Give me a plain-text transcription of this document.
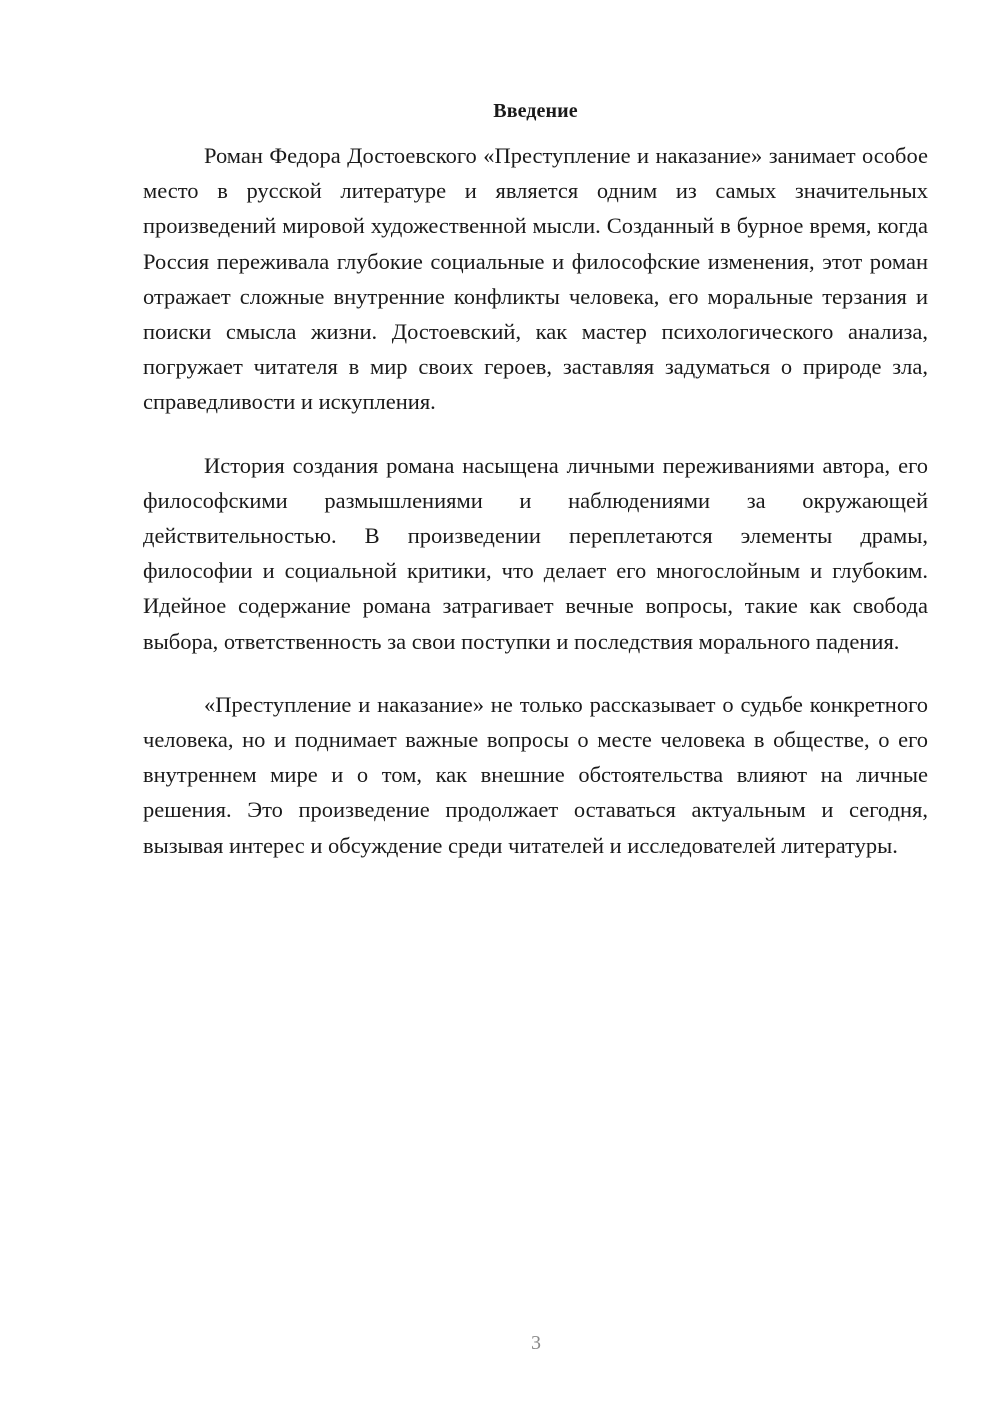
Введение

Роман Федора Достоевского «Преступление и наказание» занимает особое место в русской литературе и является одним из самых значительных произведений мировой художественной мысли. Созданный в бурное время, когда Россия переживала глубокие социальные и философские изменения, этот роман отражает сложные внутренние конфликты человека, его моральные терзания и поиски смысла жизни. Достоевский, как мастер психологического анализа, погружает читателя в мир своих героев, заставляя задуматься о природе зла, справедливости и искупления.

История создания романа насыщена личными переживаниями автора, его философскими размышлениями и наблюдениями за окружающей действительностью. В произведении переплетаются элементы драмы, философии и социальной критики, что делает его многослойным и глубоким. Идейное содержание романа затрагивает вечные вопросы, такие как свобода выбора, ответственность за свои поступки и последствия морального падения.

«Преступление и наказание» не только рассказывает о судьбе конкретного человека, но и поднимает важные вопросы о месте человека в обществе, о его внутреннем мире и о том, как внешние обстоятельства влияют на личные решения. Это произведение продолжает оставаться актуальным и сегодня, вызывая интерес и обсуждение среди читателей и исследователей литературы.

3
